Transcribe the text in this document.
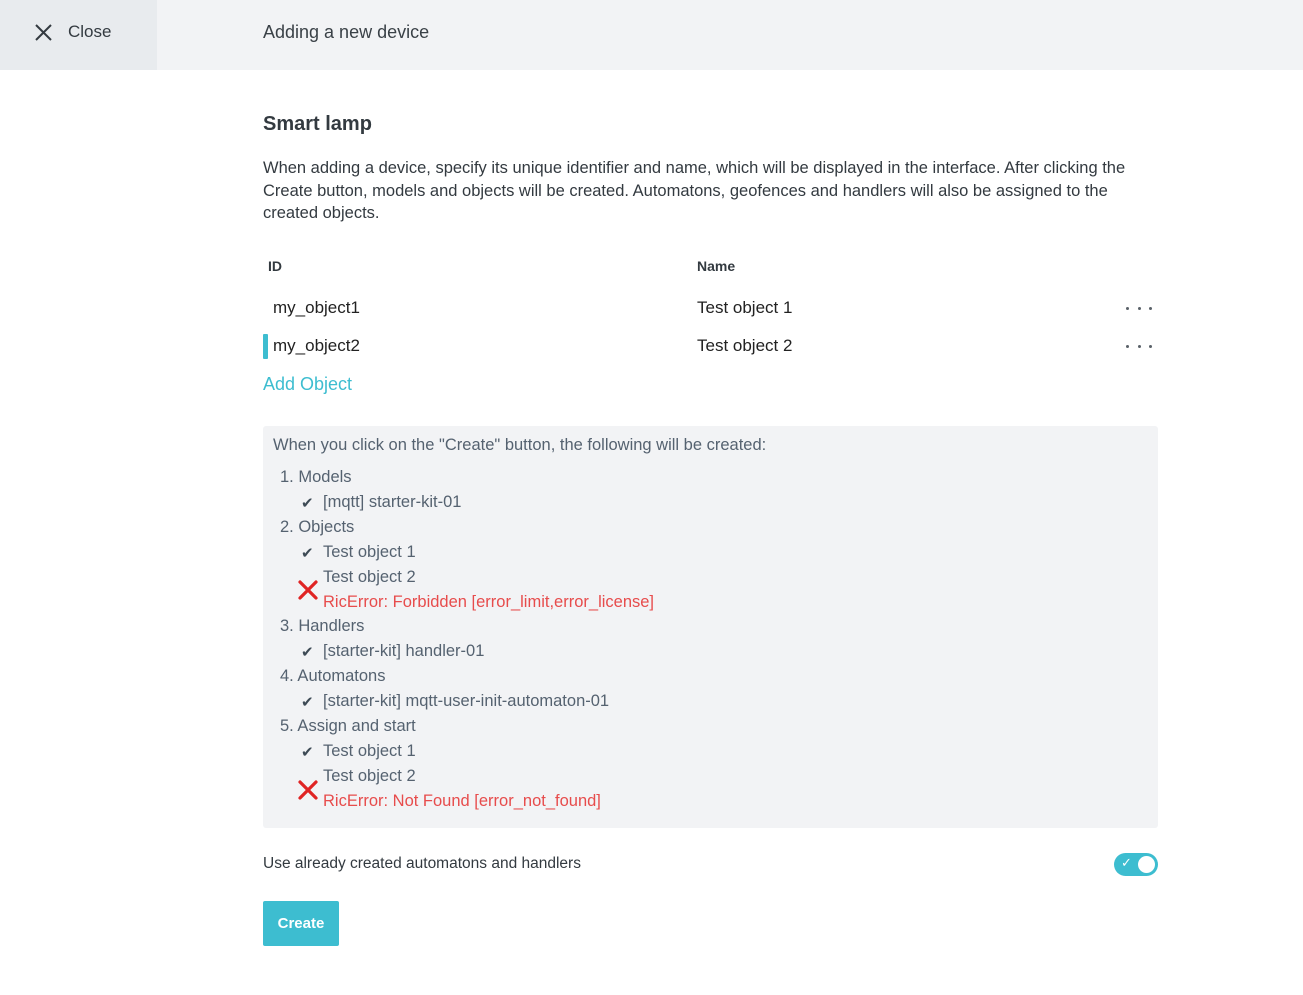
Close	Adding a new device
Smart lamp
When adding a device, specify its unique identifier and name, which will be displayed in the interface. After clicking the Create button, models and objects will be created. Automatons, geofences and handlers will also be assigned to the created objects.
ID	Name
my_object1	Test object 1
my_object2	Test object 2
Add Object
When you click on the "Create" button, the following will be created:
1. Models
✔ [mqtt] starter-kit-01
2. Objects
✔ Test object 1
Test object 2
RicError: Forbidden [error_limit,error_license]
3. Handlers
✔ [starter-kit] handler-01
4. Automatons
✔ [starter-kit] mqtt-user-init-automaton-01
5. Assign and start
✔ Test object 1
Test object 2
RicError: Not Found [error_not_found]
Use already created automatons and handlers	✓
Create
